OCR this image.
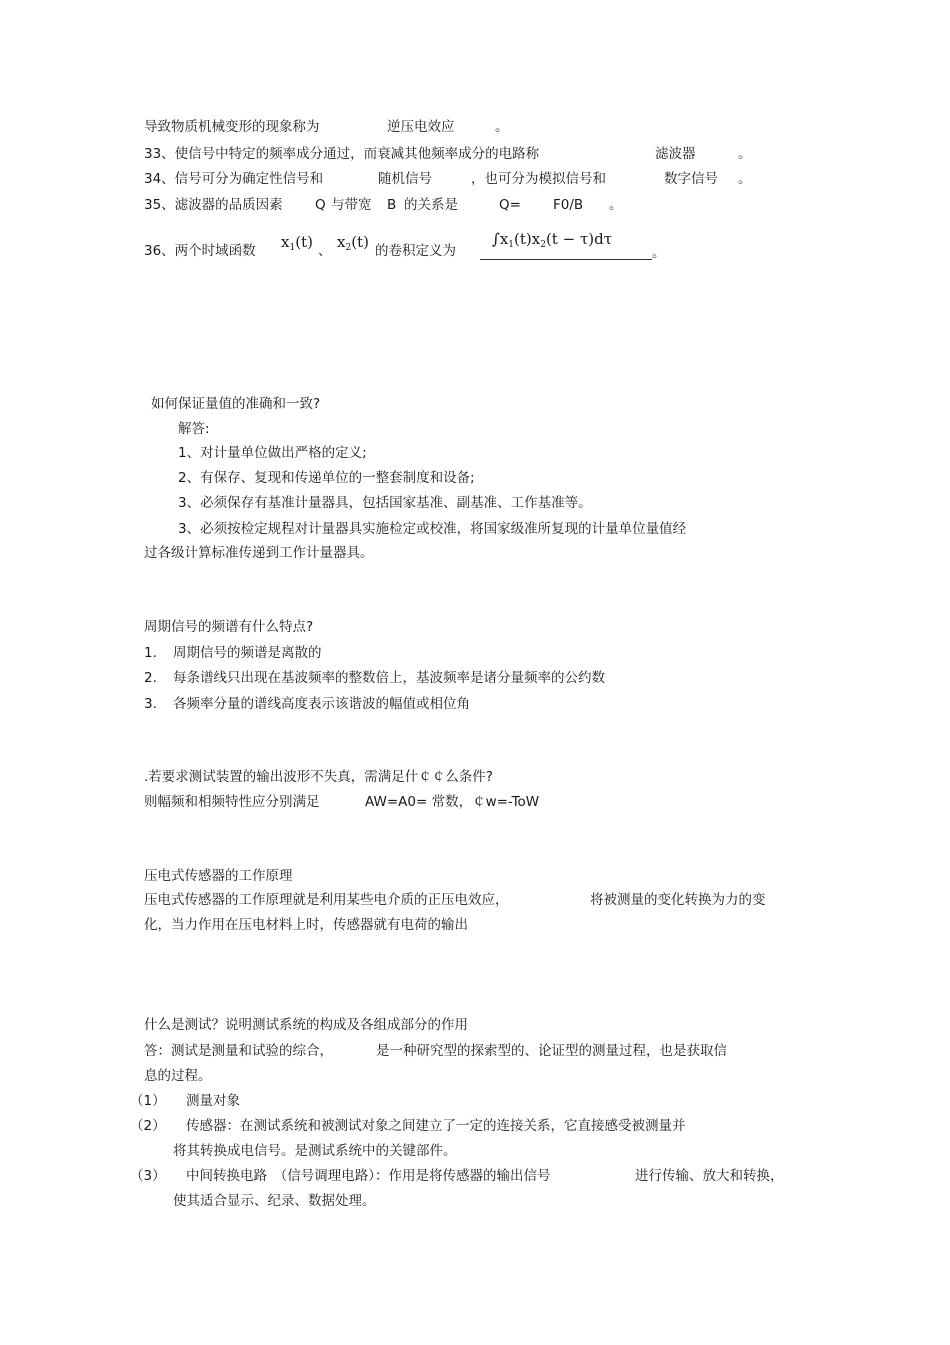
导致物质机械变形的现象称为	逆压电效应	。
33、使信号中特定的频率成分通过，而衰减其他频率成分的电路称	滤波器	。
34、信号可分为确定性信号和	随机信号	，也可分为模拟信号和	数字信号 。
35、滤波器的品质因素 Q 与带宽 B 的关系是	Q= F0/B 。
36、两个时域函数 $x_1(t)$ 、 $x_2(t)$ 的卷积定义为
$\int x_1(t)x_2(t - \tau)d\tau$
。
如何保证量值的准确和一致?
解答:
1、对计量单位做出严格的定义;
2、有保存、复现和传递单位的一整套制度和设备;
3、必须保存有基准计量器具，包括国家基准、副基准、工作基准等。
3、必须按检定规程对计量器具实施检定或校准，将国家级准所复现的计量单位量值经
过各级计算标准传递到工作计量器具。
周期信号的频谱有什么特点?
1. 周期信号的频谱是离散的
2. 每条谱线只出现在基波频率的整数倍上，基波频率是诸分量频率的公约数
3. 各频率分量的谱线高度表示该谐波的幅值或相位角
.若要求测试装置的输出波形不失真，需满足什￠￠么条件?
则幅频和相频特性应分别满足	AW=A0= 常数，￠w=-ToW
压电式传感器的工作原理
压电式传感器的工作原理就是利用某些电介质的正压电效应，	将被测量的变化转换为力的变
化，当力作用在压电材料上时，传感器就有电荷的输出
什么是测试？说明测试系统的构成及各组成部分的作用
答：测试是测量和试验的综合，	是一种研究型的探索型的、论证型的测量过程，也是获取信
息的过程。
（1） 测量对象
（2） 传感器：在测试系统和被测试对象之间建立了一定的连接关系，它直接感受被测量并
将其转换成电信号。是测试系统中的关键部件。
（3） 中间转换电路　（信号调理电路）：作用是将传感器的输出信号	进行传输、放大和转换，
使其适合显示、纪录、数据处理。
